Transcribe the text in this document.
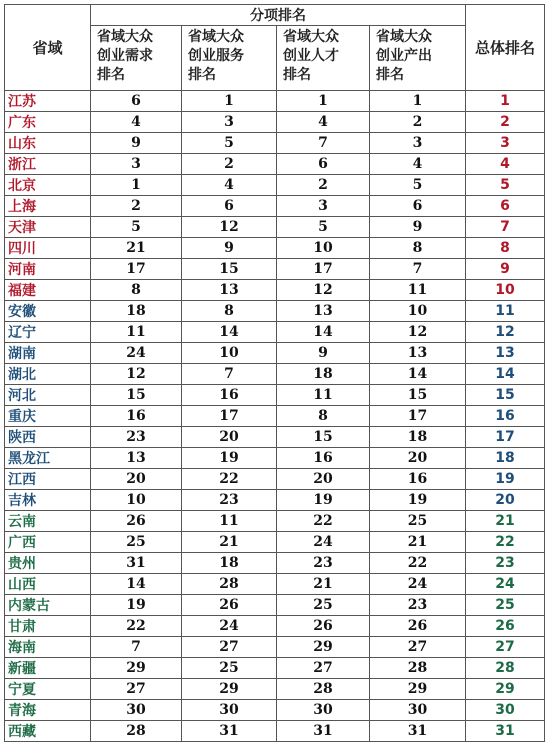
省域	分项排名				总体排名
	省域大众
创业需求
排名	省域大众
创业服务
排名	省域大众
创业人才
排名	省域大众
创业产出
排名	
江苏	6	1	1	1	1
广东	4	3	4	2	2
山东	9	5	7	3	3
浙江	3	2	6	4	4
北京	1	4	2	5	5
上海	2	6	3	6	6
天津	5	12	5	9	7
四川	21	9	10	8	8
河南	17	15	17	7	9
福建	8	13	12	11	10
安徽	18	8	13	10	11
辽宁	11	14	14	12	12
湖南	24	10	9	13	13
湖北	12	7	18	14	14
河北	15	16	11	15	15
重庆	16	17	8	17	16
陕西	23	20	15	18	17
黑龙江	13	19	16	20	18
江西	20	22	20	16	19
吉林	10	23	19	19	20
云南	26	11	22	25	21
广西	25	21	24	21	22
贵州	31	18	23	22	23
山西	14	28	21	24	24
内蒙古	19	26	25	23	25
甘肃	22	24	26	26	26
海南	7	27	29	27	27
新疆	29	25	27	28	28
宁夏	27	29	28	29	29
青海	30	30	30	30	30
西藏	28	31	31	31	31
